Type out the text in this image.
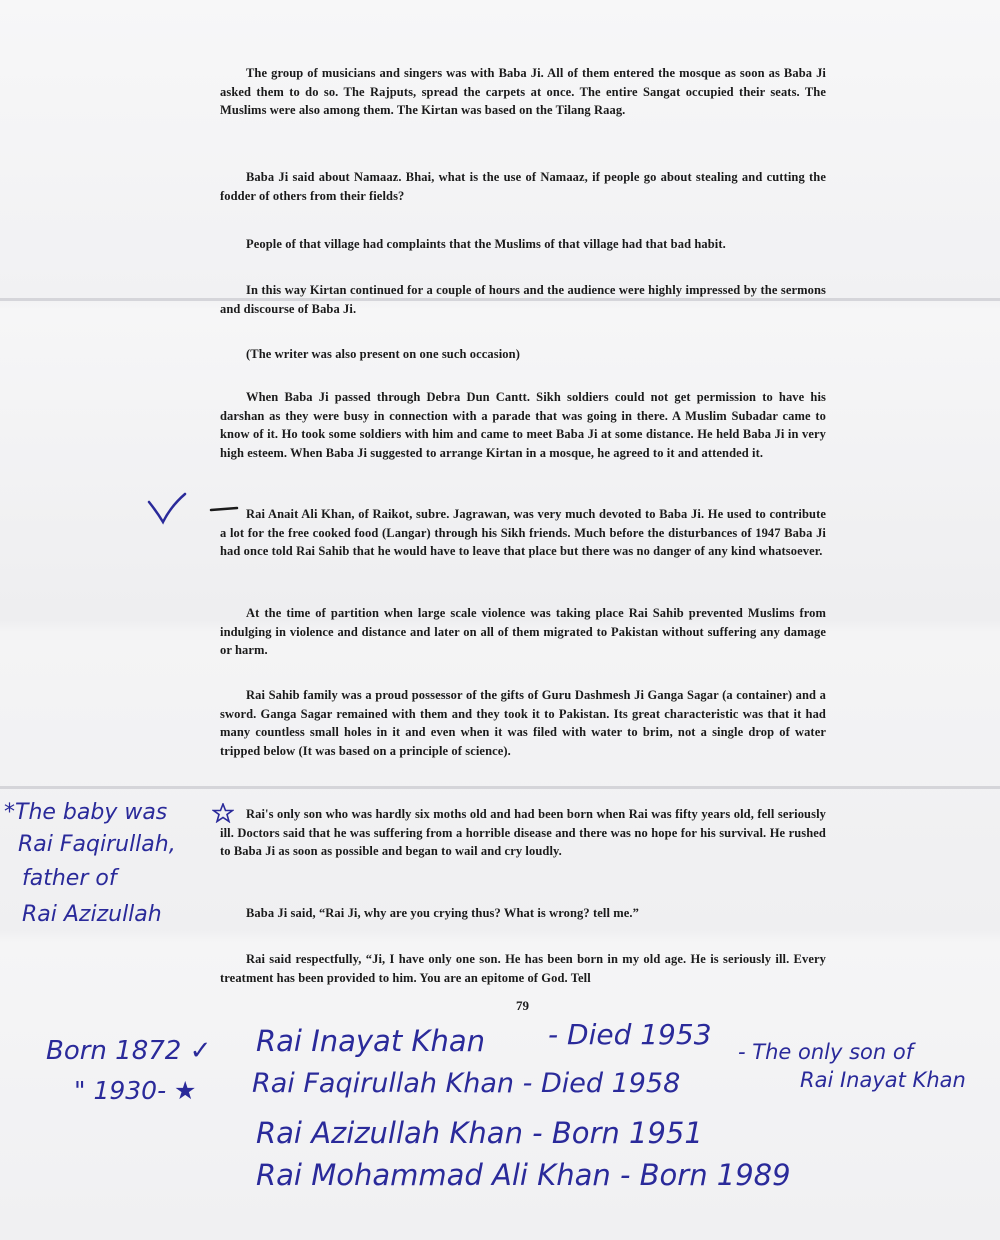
The group of musicians and singers was with Baba Ji. All of them entered the mosque as soon as Baba Ji asked them to do so. The Rajputs, spread the carpets at once. The entire Sangat occupied their seats. The Muslims were also among them. The Kirtan was based on the Tilang Raag.
Baba Ji said about Namaaz. Bhai, what is the use of Namaaz, if people go about stealing and cutting the fodder of others from their fields?
People of that village had complaints that the Muslims of that village had that bad habit.
In this way Kirtan continued for a couple of hours and the audience were highly impressed by the sermons and discourse of Baba Ji.
(The writer was also present on one such occasion)
When Baba Ji passed through Debra Dun Cantt. Sikh soldiers could not get permission to have his darshan as they were busy in connection with a parade that was going in there. A Muslim Subadar came to know of it. Ho took some soldiers with him and came to meet Baba Ji at some distance. He held Baba Ji in very high esteem. When Baba Ji suggested to arrange Kirtan in a mosque, he agreed to it and attended it.
Rai Anait Ali Khan, of Raikot, subre. Jagrawan, was very much devoted to Baba Ji. He used to contribute a lot for the free cooked food (Langar) through his Sikh friends. Much before the disturbances of 1947 Baba Ji had once told Rai Sahib that he would have to leave that place but there was no danger of any kind whatsoever.
At the time of partition when large scale violence was taking place Rai Sahib prevented Muslims from indulging in violence and distance and later on all of them migrated to Pakistan without suffering any damage or harm.
Rai Sahib family was a proud possessor of the gifts of Guru Dashmesh Ji Ganga Sagar (a container) and a sword. Ganga Sagar remained with them and they took it to Pakistan. Its great characteristic was that it had many countless small holes in it and even when it was filed with water to brim, not a single drop of water tripped below (It was based on a principle of science).
Rai's only son who was hardly six moths old and had been born when Rai was fifty years old, fell seriously ill. Doctors said that he was suffering from a horrible disease and there was no hope for his survival. He rushed to Baba Ji as soon as possible and began to wail and cry loudly.
Baba Ji said, “Rai Ji, why are you crying thus? What is wrong? tell me.”
Rai said respectfully, “Ji, I have only one son. He has been born in my old age. He is seriously ill. Every treatment has been provided to him. You are an epitome of God. Tell
79
*The baby was
Rai Faqirullah,
father of
Rai Azizullah
Born 1872 ✓ Rai Inayat Khan - Died 1953
" 1930- ★ Rai Faqirullah Khan - Died 1958
- The only son of
Rai Inayat Khan
Rai Azizullah Khan - Born 1951
Rai Mohammad Ali Khan - Born 1989
